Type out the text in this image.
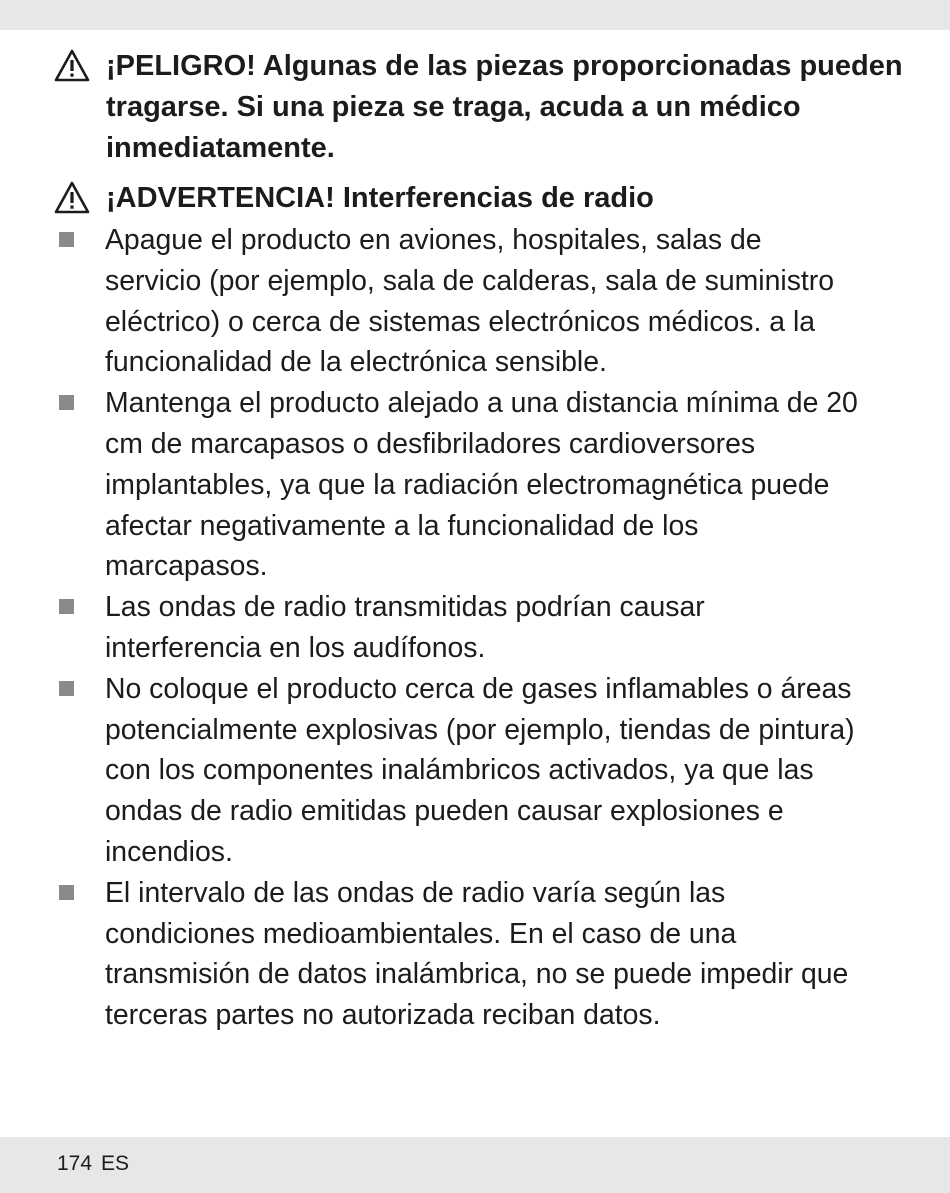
¡PELIGRO! Algunas de las piezas proporcionadas pueden tragarse. Si una pieza se traga, acuda a un médico inmediatamente.

¡ADVERTENCIA! Interferencias de radio

Apague el producto en aviones, hospitales, salas de servicio (por ejemplo, sala de calderas, sala de suministro eléctrico) o cerca de sistemas electrónicos médicos. a la funcionalidad de la electrónica sensible.
Mantenga el producto alejado a una distancia mínima de 20 cm de marcapasos o desfibriladores cardioversores implantables, ya que la radiación electromagnética puede afectar negativamente a la funcionalidad de los marcapasos.
Las ondas de radio transmitidas podrían causar interferencia en los audífonos.
No coloque el producto cerca de gases inflamables o áreas potencialmente explosivas (por ejemplo, tiendas de pintura) con los componentes inalámbricos activados, ya que las ondas de radio emitidas pueden causar explosiones e incendios.
El intervalo de las ondas de radio varía según las condiciones medioambientales. En el caso de una transmisión de datos inalámbrica, no se puede impedir que terceras partes no autorizada reciban datos.
174 ES
